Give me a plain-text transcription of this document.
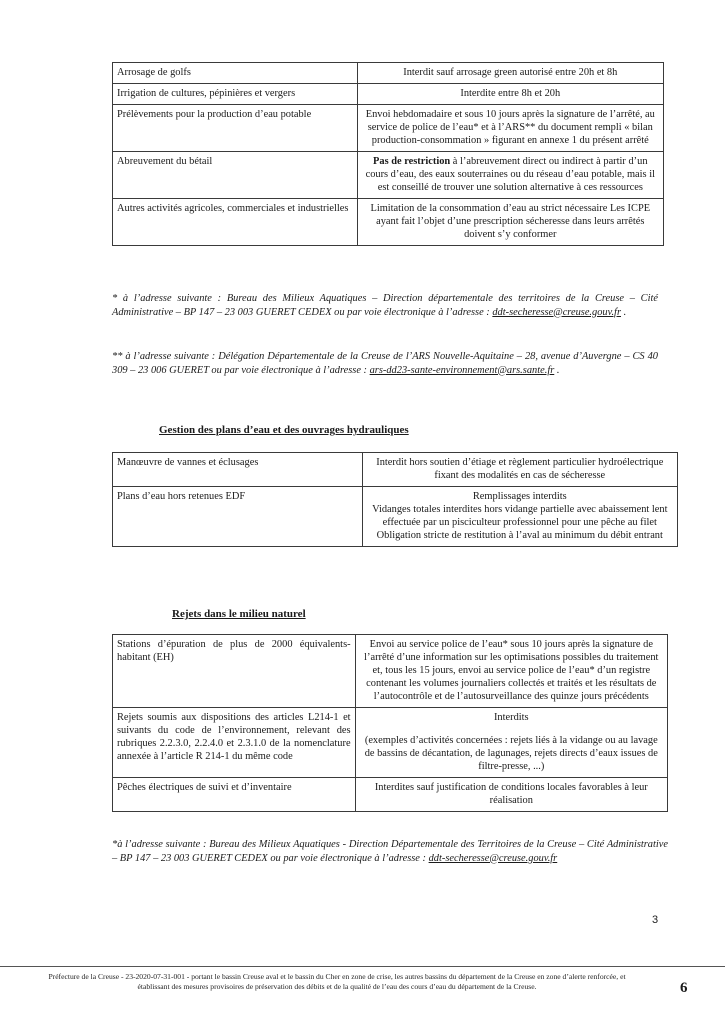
Arrosage de golfs	Interdit sauf arrosage green autorisé entre 20h et 8h
Irrigation de cultures, pépinières et vergers	Interdite entre 8h et 20h
Prélèvements pour la production d’eau potable	Envoi hebdomadaire et sous 10 jours après la signature de l’arrêté, au service de police de l’eau* et à l’ARS** du document rempli « bilan production-consommation » figurant en annexe 1 du présent arrêté
Abreuvement du bétail	Pas de restriction à l’abreuvement direct ou indirect à partir d’un cours d’eau, des eaux souterraines ou du réseau d’eau potable, mais il est conseillé de trouver une solution alternative à ces ressources
Autres activités agricoles, commerciales et industrielles	Limitation de la consommation d’eau au strict nécessaire Les ICPE ayant fait l’objet d’une prescription sécheresse dans leurs arrêtés doivent s’y conformer
* à l’adresse suivante : Bureau des Milieux Aquatiques – Direction départementale des territoires de la Creuse – Cité Administrative – BP 147 – 23 003 GUERET CEDEX ou par voie électronique à l’adresse : ddt-secheresse@creuse.gouv.fr .
** à l’adresse suivante : Délégation Départementale de la Creuse de l’ARS Nouvelle-Aquitaine – 28, avenue d’Auvergne – CS 40 309 – 23 006 GUERET ou par voie électronique à l’adresse : ars-dd23-sante-environnement@ars.sante.fr .
Gestion des plans d’eau et des ouvrages hydrauliques
Manœuvre de vannes et éclusages	Interdit hors soutien d’étiage et règlement particulier hydroélectrique fixant des modalités en cas de sécheresse
Plans d’eau hors retenues EDF	Remplissages interdits
Vidanges totales interdites hors vidange partielle avec abaissement lent effectuée par un pisciculteur professionnel pour une pêche au filet
Obligation stricte de restitution à l’aval au minimum du débit entrant
Rejets dans le milieu naturel
Stations d’épuration de plus de 2000 équivalents-habitant (EH)	Envoi au service police de l’eau* sous 10 jours après la signature de l’arrêté d’une information sur les optimisations possibles du traitement et, tous les 15 jours, envoi au service police de l’eau* d’un registre contenant les volumes journaliers collectés et traités et les résultats de l’autocontrôle et de l’autosurveillance des quinze jours précédents
Rejets soumis aux dispositions des articles L214-1 et suivants du code de l’environnement, relevant des rubriques 2.2.3.0, 2.2.4.0 et 2.3.1.0 de la nomenclature annexée à l’article R 214-1 du même code	Interdits
(exemples d’activités concernées : rejets liés à la vidange ou au lavage de bassins de décantation, de lagunages, rejets directs d’eaux issues de filtre-presse, ...)

Pêches électriques de suivi et d’inventaire	Interdites sauf justification de conditions locales favorables à leur réalisation
*à l’adresse suivante : Bureau des Milieux Aquatiques - Direction Départementale des Territoires de la Creuse – Cité Administrative – BP 147 – 23 003 GUERET CEDEX ou par voie électronique à l’adresse : ddt-secheresse@creuse.gouv.fr
3
Préfecture de la Creuse - 23-2020-07-31-001 - portant le bassin Creuse aval et le bassin du Cher en zone de crise, les autres bassins du département de la Creuse en zone d’alerte renforcée, et établissant des mesures provisoires de préservation des débits et de la qualité de l’eau des cours d’eau du département de la Creuse.	6
